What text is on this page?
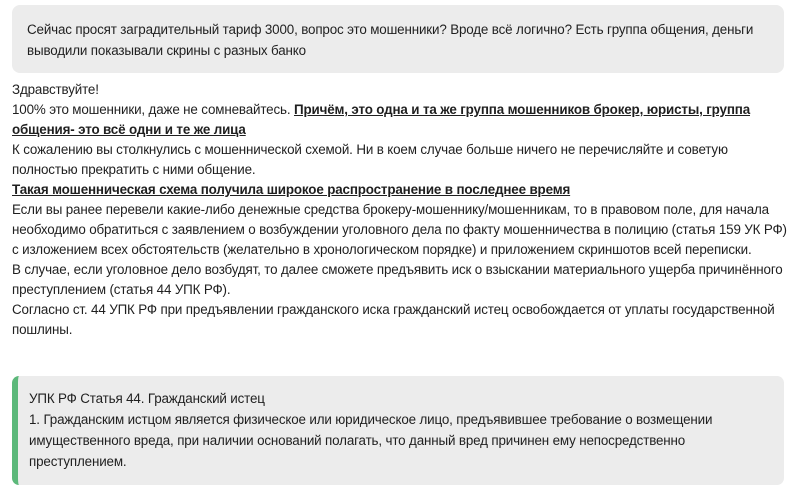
Сейчас просят заградительный тариф 3000, вопрос это мошенники? Вроде всё логично? Есть группа общения, деньги выводили показывали скрины с разных банко

Здравствуйте!

100% это мошенники, даже не сомневайтесь. Причём, это одна и та же группа мошенников брокер, юристы, группа общения- это всё одни и те же лица

К сожалению вы столкнулись с мошеннической схемой. Ни в коем случае больше ничего не перечисляйте и советую полностью прекратить с ними общение.

Такая мошенническая схема получила широкое распространение в последнее время

Если вы ранее перевели какие-либо денежные средства брокеру-мошеннику/мошенникам, то в правовом поле, для начала необходимо обратиться с заявлением о возбуждении уголовного дела по факту мошенничества в полицию (статья 159 УК РФ) с изложением всех обстоятельств (желательно в хронологическом порядке) и приложением скриншотов всей переписки.

В случае, если уголовное дело возбудят, то далее сможете предъявить иск о взыскании материального ущерба причинённого преступлением (статья 44 УПК РФ).

Согласно ст. 44 УПК РФ при предъявлении гражданского иска гражданский истец освобождается от уплаты государственной пошлины.

УПК РФ Статья 44. Гражданский истец

1. Гражданским истцом является физическое или юридическое лицо, предъявившее требование о возмещении имущественного вреда, при наличии оснований полагать, что данный вред причинен ему непосредственно преступлением.
